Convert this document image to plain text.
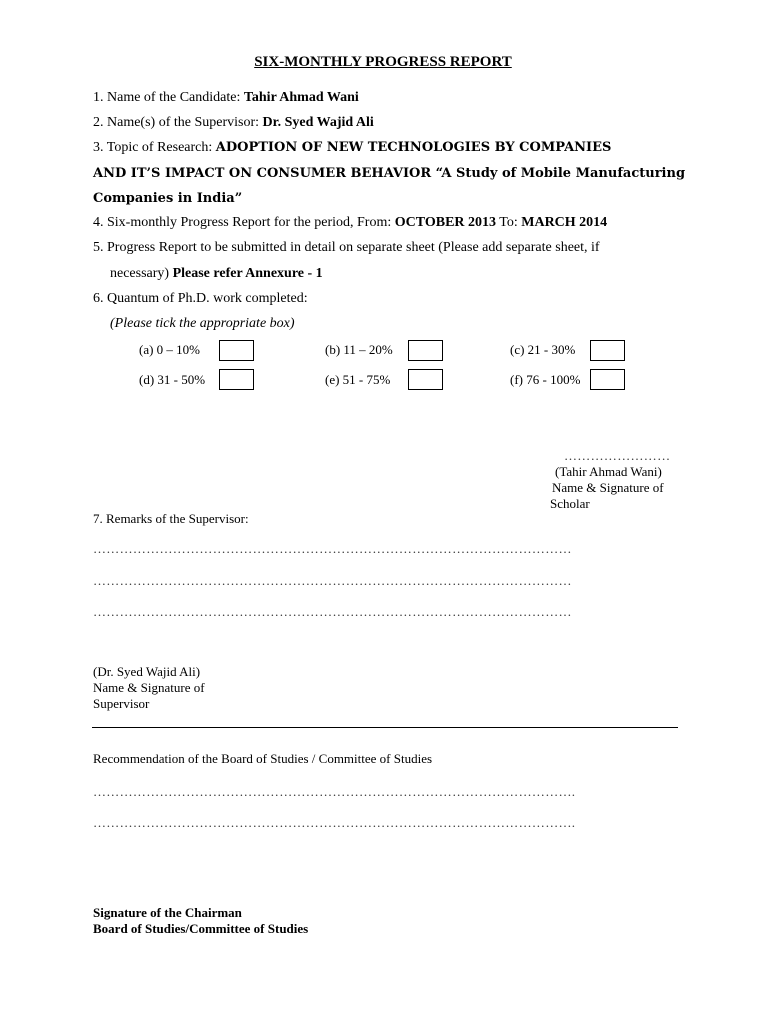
SIX-MONTHLY PROGRESS REPORT
1. Name of the Candidate: Tahir Ahmad Wani
2. Name(s) of the Supervisor: Dr. Syed Wajid Ali
3. Topic of Research: ADOPTION OF NEW TECHNOLOGIES BY COMPANIES
AND IT’S IMPACT ON CONSUMER BEHAVIOR “A Study of Mobile Manufacturing
Companies in India”
4. Six-monthly Progress Report for the period, From: OCTOBER 2013 To: MARCH 2014
5. Progress Report to be submitted in detail on separate sheet (Please add separate sheet, if
necessary) Please refer Annexure - 1
6. Quantum of Ph.D. work completed:
(Please tick the appropriate box)
(a) 0 – 10%	(b) 11 – 20%	(c) 21 - 30%
(d) 31 - 50%	(e) 51 - 75%	(f) 76 - 100%
……………………
(Tahir Ahmad Wani)
Name & Signature of
Scholar
7. Remarks of the Supervisor:
………………………………………………………………………………………………
………………………………………………………………………………………………
………………………………………………………………………………………………
(Dr. Syed Wajid Ali)
Name & Signature of
Supervisor
Recommendation of the Board of Studies / Committee of Studies
……………………………………………………………………………………………….
……………………………………………………………………………………………….
Signature of the Chairman
Board of Studies/Committee of Studies
